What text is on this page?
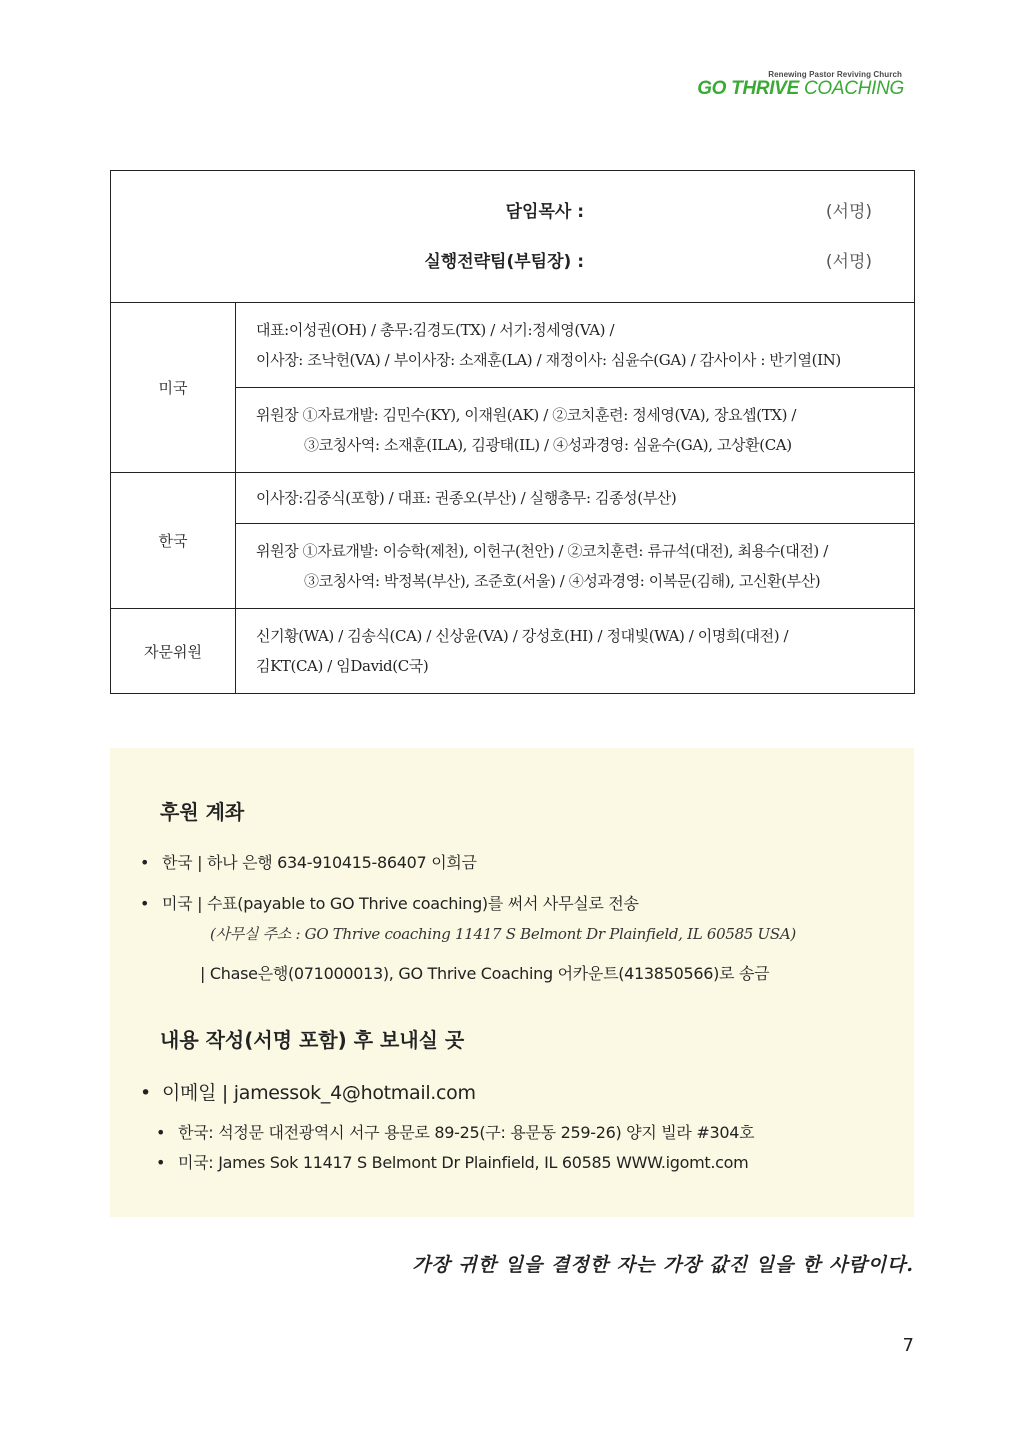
Renewing Pastor Reviving Church
GO THRIVE COACHING
담임목사 : (서명)
실행전략팀(부팀장) : (서명)	

미국	대표:이성권(OH) / 총무:김경도(TX) / 서기:정세영(VA) /
이사장: 조낙헌(VA) / 부이사장: 소재훈(LA) / 재정이사: 심윤수(GA) / 감사이사 : 반기열(IN)

	위원장 ①자료개발: 김민수(KY), 이재원(AK) / ②코치훈련: 정세영(VA), 장요셉(TX) /
③코칭사역: 소재훈(ILA), 김광태(IL) / ④성과경영: 심윤수(GA), 고상환(CA)

한국	이사장:김중식(포항) / 대표: 권종오(부산) / 실행총무: 김종성(부산)

	위원장 ①자료개발: 이승학(제천), 이헌구(천안) / ②코치훈련: 류규석(대전), 최용수(대전) /
③코칭사역: 박정복(부산), 조준호(서울) / ④성과경영: 이복문(김해), 고신환(부산)

자문위원	신기황(WA) / 김송식(CA) / 신상윤(VA) / 강성호(HI) / 정대빛(WA) / 이명희(대전) /
김KT(CA) / 임David(C국)
후원 계좌
• 한국 | 하나 은행 634-910415-86407 이희금
• 미국 | 수표(payable to GO Thrive coaching)를 써서 사무실로 전송
(사무실 주소 : GO Thrive coaching 11417 S Belmont Dr Plainfield, IL 60585 USA)
| Chase은행(071000013), GO Thrive Coaching 어카운트(413850566)로 송금
내용 작성(서명 포함) 후 보내실 곳
• 이메일 | jamessok_4@hotmail.com
• 한국: 석정문 대전광역시 서구 용문로 89-25(구: 용문동 259-26) 양지 빌라 #304호
• 미국: James Sok 11417 S Belmont Dr Plainfield, IL 60585 WWW.igomt.com
가장 귀한 일을 결정한 자는 가장 값진 일을 한 사람이다.
7
